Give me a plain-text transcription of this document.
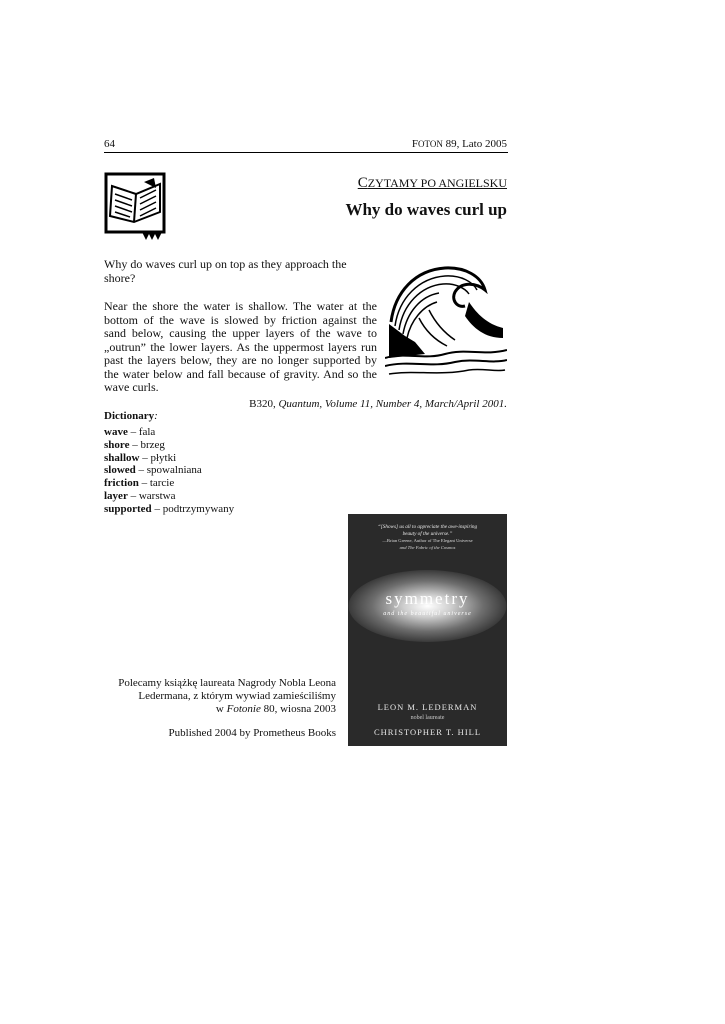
64	FOTON 89, Lato 2005
CZYTAMY PO ANGIELSKU
Why do waves curl up
Why do waves curl up on top as they approach the shore?
Near the shore the water is shallow. The water at the bottom of the wave is slowed by friction against the sand below, causing the upper layers of the wave to „outrun” the lower layers. As the uppermost layers run past the layers below, they are no longer supported by the water below and fall because of gravity. And so the wave curls.
B320, Quantum, Volume 11, Number 4, March/April 2001.
Dictionary:
wave – fala
shore – brzeg
shallow – płytki
slowed – spowalniana
friction – tarcie
layer – warstwa
supported – podtrzymywany
Polecamy książkę laureata Nagrody Nobla Leona
Ledermana, z którym wywiad zamieściliśmy
w Fotonie 80, wiosna 2003
Published 2004 by Prometheus Books
“[Shows] us all to appreciate the awe-inspiring
beauty of the universe.”
—Brian Greene, Author of The Elegant Universe
and The Fabric of the Cosmos
symmetry
and the beautiful universe
LEON M. LEDERMAN
nobel laureate
CHRISTOPHER T. HILL
